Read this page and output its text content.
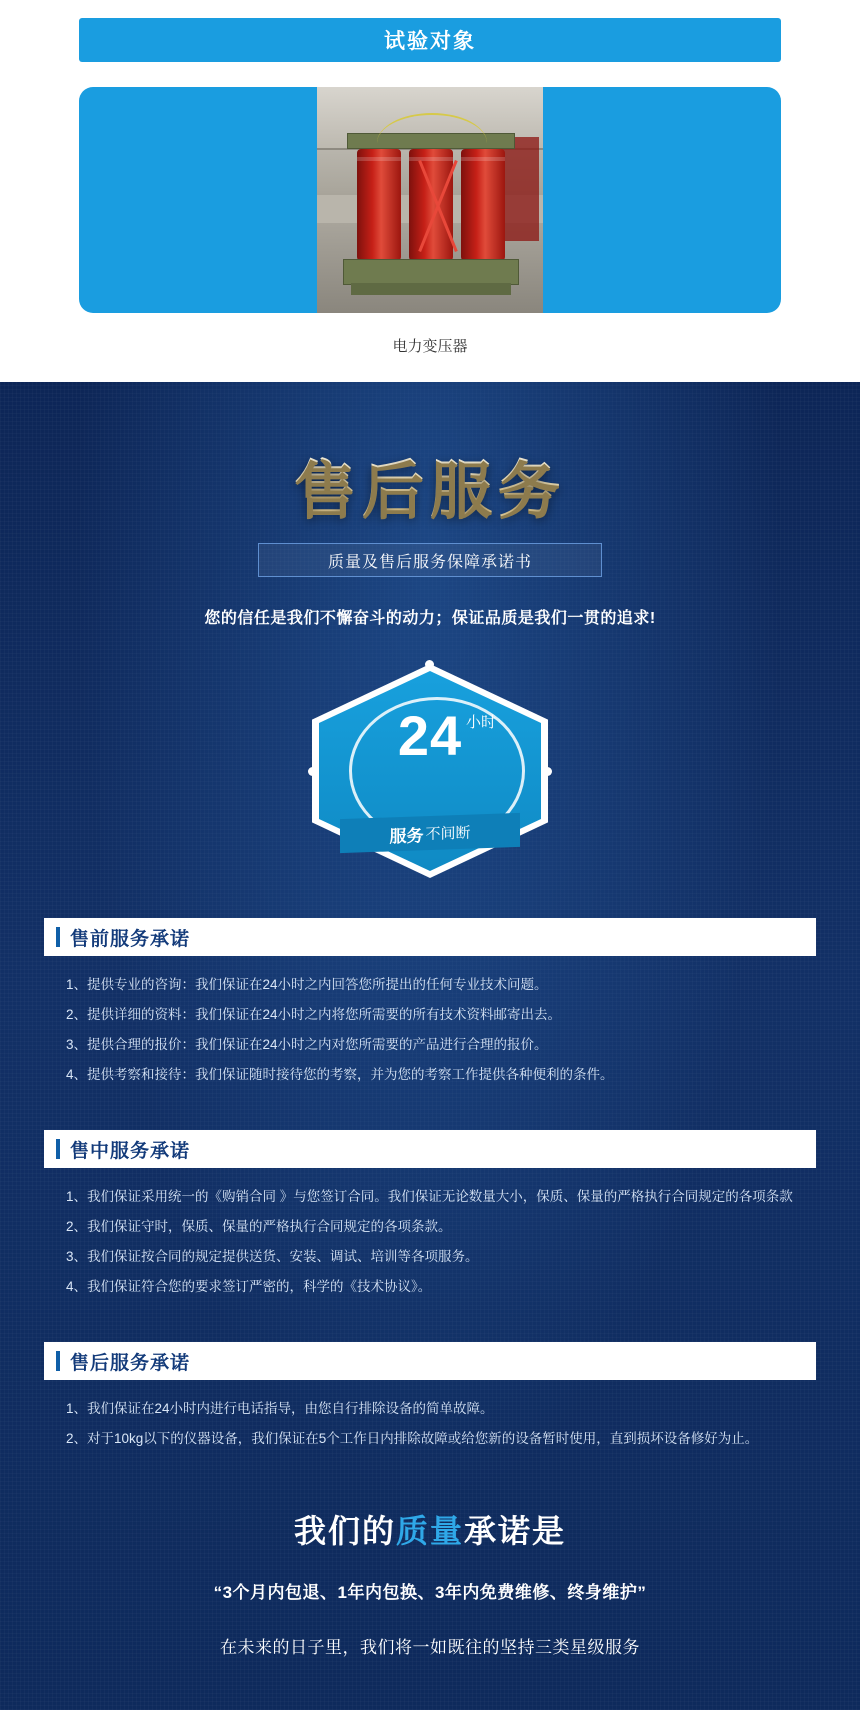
试验对象
电力变压器
售后服务
质量及售后服务保障承诺书
您的信任是我们不懈奋斗的动力；保证品质是我们一贯的追求!
24 小时
服务 不间断
售前服务承诺
1、提供专业的咨询：我们保证在24小时之内回答您所提出的任何专业技术问题。
2、提供详细的资料：我们保证在24小时之内将您所需要的所有技术资料邮寄出去。
3、提供合理的报价：我们保证在24小时之内对您所需要的产品进行合理的报价。
4、提供考察和接待：我们保证随时接待您的考察，并为您的考察工作提供各种便利的条件。
售中服务承诺
1、我们保证采用统一的《购销合同 》与您签订合同。我们保证无论数量大小，保质、保量的严格执行合同规定的各项条款
2、我们保证守时，保质、保量的严格执行合同规定的各项条款。
3、我们保证按合同的规定提供送货、安装、调试、培训等各项服务。
4、我们保证符合您的要求签订严密的，科学的《技术协议》。
售后服务承诺
1、我们保证在24小时内进行电话指导，由您自行排除设备的简单故障。
2、对于10kg以下的仪器设备，我们保证在5个工作日内排除故障或给您新的设备暂时使用，直到损坏设备修好为止。
我们的质量承诺是
“3个月内包退、1年内包换、3年内免费维修、终身维护”
在未来的日子里，我们将一如既往的坚持三类星级服务
